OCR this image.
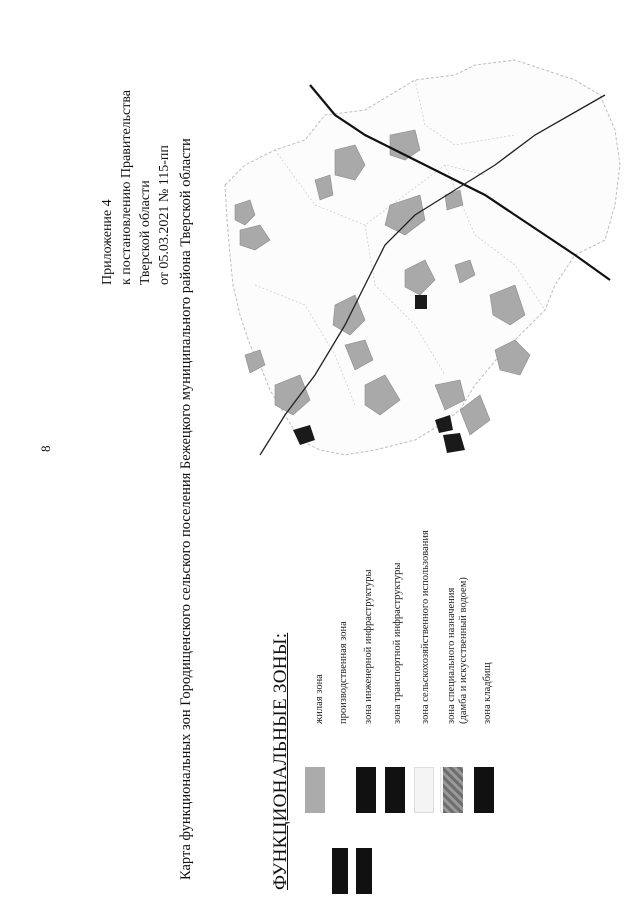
8
Приложение 4 к постановлению Правительства Тверской области от 05.03.2021 № 115-пп Карта функциональных зон Городищенского сельского поселения Бежецкого муниципального района Тверской области	ФУНКЦИОНАЛЬНЫЕ ЗОНЫ: жилая зона производственная зона зона инженерной инфраструктуры зона транспортной инфраструктуры зона сельскохозяйственного использования зона специального назначения (дамба и искусственный водоем) зона кладбищ
